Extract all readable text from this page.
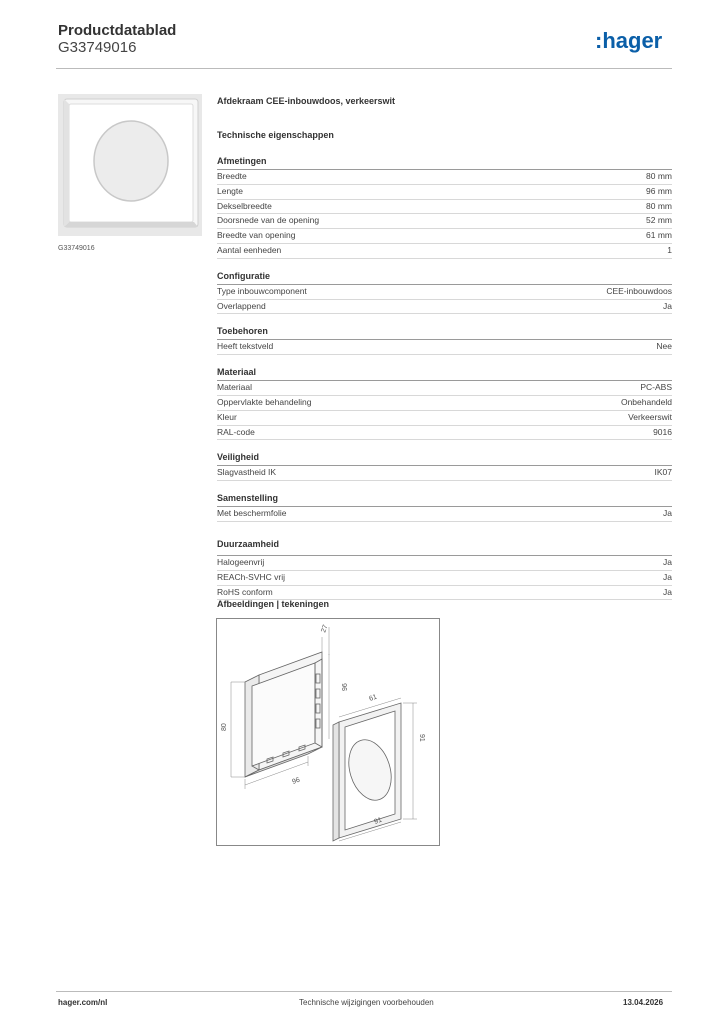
Productdatablad
G33749016	:hager
G33749016
Afdekraam CEE-inbouwdoos, verkeerswit
Technische eigenschappen
Afmetingen
Breedte	80 mm
Lengte	96 mm
Dekselbreedte	80 mm
Doorsnede van de opening	52 mm
Breedte van opening	61 mm
Aantal eenheden	1
Configuratie
Type inbouwcomponent	CEE-inbouwdoos
Overlappend	Ja
Toebehoren
Heeft tekstveld	Nee
Materiaal
Materiaal	PC-ABS
Oppervlakte behandeling	Onbehandeld
Kleur	Verkeerswit
RAL-code	9016
Veiligheid
Slagvastheid IK	IK07
Samenstelling
Met beschermfolie	Ja
Duurzaamheid
Halogeenvrij	Ja
REACh-SVHC vrij	Ja
RoHS conform	Ja
Afbeeldingen | tekeningen
27
96
80
96
61
91
91
hager.com/nl	Technische wijzigingen voorbehouden	13.04.2026
